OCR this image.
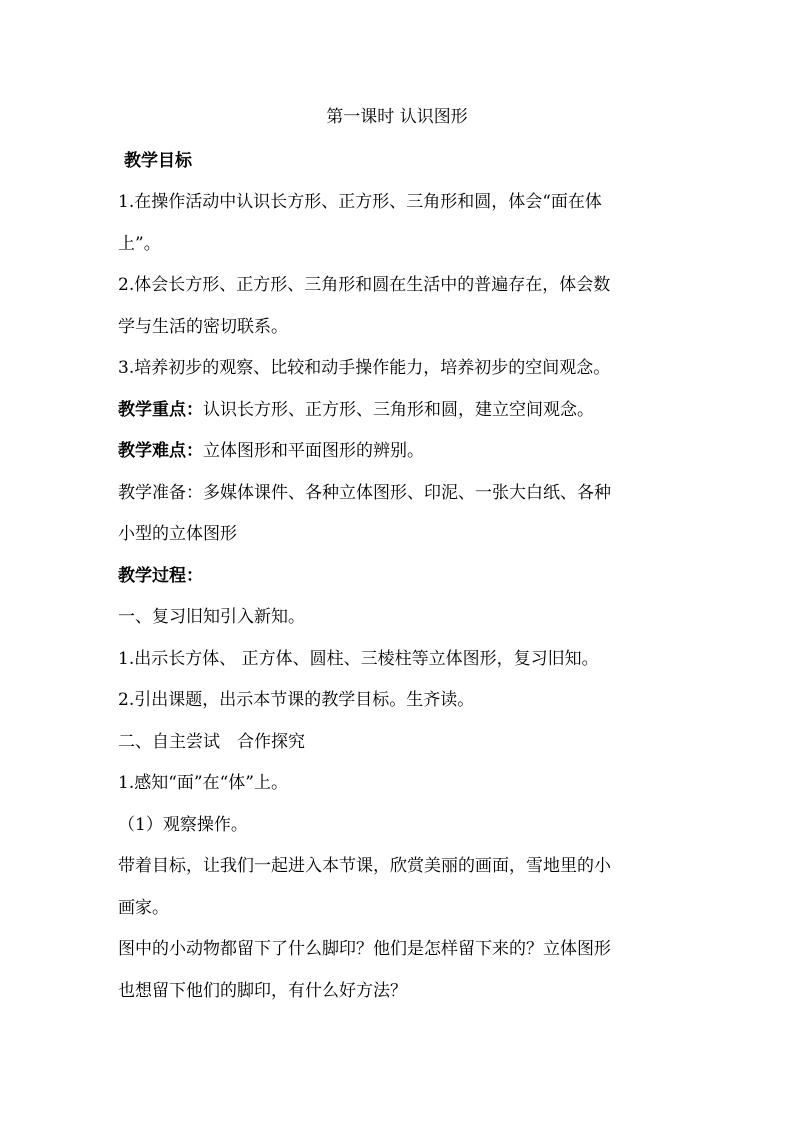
第一课时 认识图形
教学目标
1.在操作活动中认识长方形、正方形、三角形和圆，体会“面在体
上”。
2.体会长方形、正方形、三角形和圆在生活中的普遍存在，体会数
学与生活的密切联系。
3.培养初步的观察、比较和动手操作能力，培养初步的空间观念。
教学重点：认识长方形、正方形、三角形和圆，建立空间观念。
教学难点：立体图形和平面图形的辨别。
教学准备：多媒体课件、各种立体图形、印泥、一张大白纸、各种
小型的立体图形
教学过程：
一、复习旧知引入新知。
1.出示长方体、 正方体、圆柱、三棱柱等立体图形，复习旧知。
2.引出课题，出示本节课的教学目标。生齐读。
二、自主尝试　合作探究
1.感知“面”在“体”上。
（1）观察操作。
带着目标，让我们一起进入本节课，欣赏美丽的画面，雪地里的小
画家。
图中的小动物都留下了什么脚印？他们是怎样留下来的？立体图形
也想留下他们的脚印，有什么好方法？
